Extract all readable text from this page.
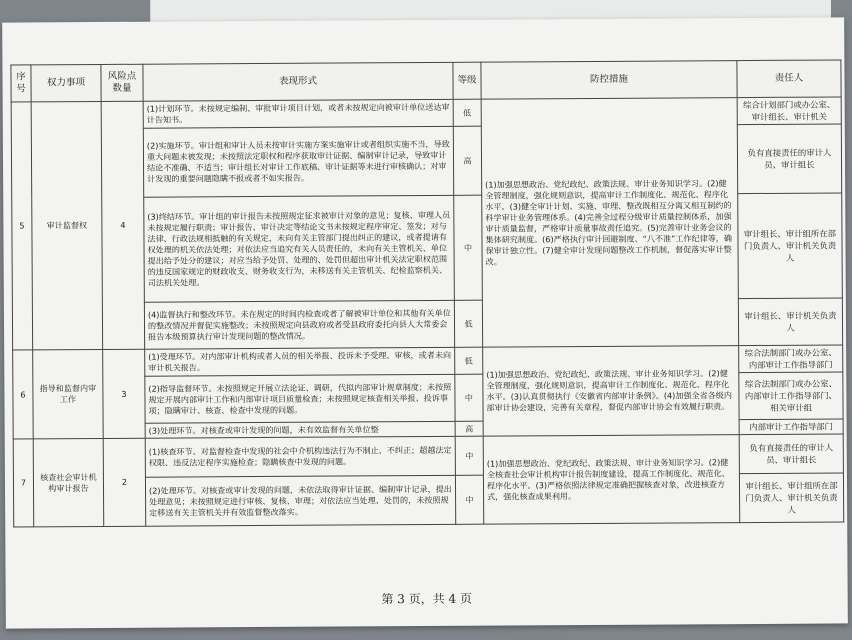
序号	权力事项	风险点数量	表现形式	等级	防控措施	责任人
5	审计监督权	4	(1)计划环节。未按规定编制、审批审计项目计划，或者未按规定向被审计单位送达审计告知书。	低	(1)加强思想政治、党纪政纪、政策法规、审计业务知识学习。(2)健全管理制度，强化规则意识，提高审计工作制度化、规范化、程序化水平。(3)健全审计计划、实施、审理、整改既相互分离又相互制约的科学审计业务管理体系。(4)完善全过程分级审计质量控制体系，加强审计质量监督，严格审计质量事故责任追究。(5)完善审计业务会议的集体研究制度。(6)严格执行审计回避制度、“八不准”工作纪律等，确保审计独立性。(7)健全审计发现问题整改工作机制，督促落实审计整改。	综合计划部门或办公室、审计组长、审计机关
			(2)实施环节。审计组和审计人员未按审计实施方案实施审计或者组织实施不当，导致重大问题未被发现；未按照法定职权和程序获取审计证据、编制审计记录，导致审计结论不准确、不适当；审计组长对审计工作底稿、审计证据等未进行审核确认；对审计发现的重要问题隐瞒不报或者不如实报告。	高		负有直接责任的审计人员、审计组长
			(3)终结环节。审计组的审计报告未按照规定征求被审计对象的意见；复核、审理人员未按规定履行职责；审计报告、审计决定等结论文书未按规定程序审定、签发；对与法律、行政法规相抵触的有关规定，未向有关主管部门提出纠正的建议，或者提请有权处理的机关依法处理；对依法应当追究有关人员责任的，未向有关主管机关、单位提出给予处分的建议；对应当给予处罚、处理的、处罚但超出审计机关法定职权范围的违反国家规定的财政收支、财务收支行为，未移送有关主管机关、纪检监察机关、司法机关处理。	中		审计组长、审计组所在部门负责人、审计机关负责人
			(4)监督执行和整改环节。未在规定的时间内检查或者了解被审计单位和其他有关单位的整改情况并督促实施整改；未按照规定向县政府或者受县政府委托向县人大常委会报告本级预算执行审计发现问题的整改情况。	低		审计组长、审计机关负责人
6	指导和监督内审工作	3	(1)受理环节。对内部审计机构或者人员的相关举报、投诉未予受理、审核，或者未向审计机关报告。	低	(1)加强思想政治、党纪政纪、政策法规、审计业务知识学习。(2)健全管理制度，强化规则意识，提高审计工作制度化、规范化、程序化水平。(3)认真贯彻执行《安徽省内部审计条例》。(4)加强全省各级内部审计协会建设，完善有关章程，督促内部审计协会有效履行职责。	综合法制部门或办公室、内部审计工作指导部门
			(2)指导监督环节。未按照规定开展立法论证、调研，代拟内部审计规章制度；未按照规定开展内部审计工作和内部审计项目质量检查；未按照规定核查相关举报、投诉事项；隐瞒审计、核查、检查中发现的问题。	中		综合法制部门或办公室、内部审计工作指导部门、相关审计组
			(3)处理环节。对核查或审计发现的问题，未有效监督有关单位整	高		内部审计工作指导部门
7	核查社会审计机构审计报告	2	(1)核查环节。对监督检查中发现的社会中介机构违法行为不制止、不纠正；超越法定权限、违反法定程序实施检查；隐瞒核查中发现的问题。	中	(1)加强思想政治、党纪政纪、政策法规、审计业务知识学习。(2)健全核查社会审计机构审计报告制度建设，提高工作制度化、规范化、程序化水平。(3)严格依照法律规定准确把握核查对象，改进核查方式，强化核查成果利用。	负有直接责任的审计人员、审计组长
			(2)处理环节。对核查或审计发现的问题，未依法取得审计证据、编制审计记录，提出处理意见；未按照规定进行审核、复核、审理；对依法应当处理、处罚的，未按照规定移送有关主管机关并有效监督整改落实。	中		审计组长、审计组所在部门负责人、审计机关负责人
第 3 页，共 4 页
